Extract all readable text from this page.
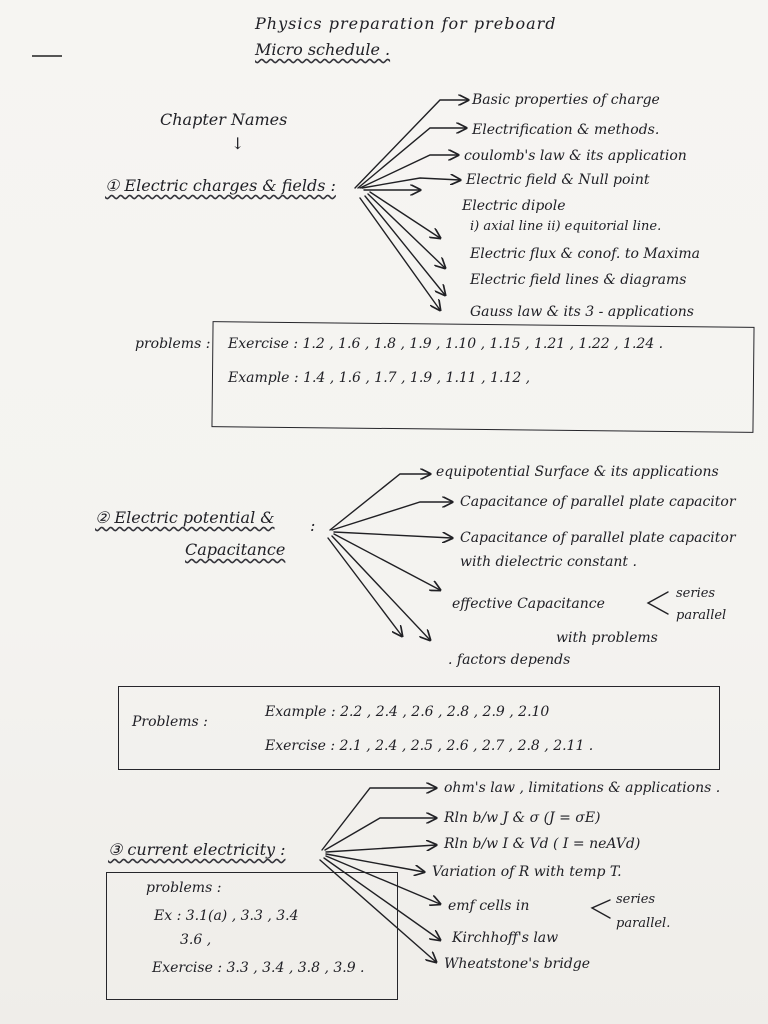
Physics preparation for preboard
Micro schedule .
Chapter Names
↓
① Electric charges & fields :
Basic properties of charge
Electrification & methods.
coulomb's law & its application
Electric field & Null point
Electric dipole
i) axial line ii) equitorial line.
Electric flux & conof. to Maxima
Electric field lines & diagrams
Gauss law & its 3 - applications
problems : Exercise : 1.2 , 1.6 , 1.8 , 1.9 , 1.10 , 1.15 , 1.21 , 1.22 , 1.24 .
Example : 1.4 , 1.6 , 1.7 , 1.9 , 1.11 , 1.12 ,
② Electric potential &
Capacitance
:
equipotential Surface & its applications
Capacitance of parallel plate capacitor
Capacitance of parallel plate capacitor
with dielectric constant .
effective Capacitance
series
parallel
with problems
. factors depends
Problems :
Example : 2.2 , 2.4 , 2.6 , 2.8 , 2.9 , 2.10
Exercise : 2.1 , 2.4 , 2.5 , 2.6 , 2.7 , 2.8 , 2.11 .
③ current electricity :
ohm's law , limitations & applications .
Rln b/w J & σ (J = σE)
Rln b/w I & Vd ( I = neAVd)
Variation of R with temp T.
emf cells in	series
parallel.
Kirchhoff's law
Wheatstone's bridge
problems :
Ex : 3.1(a) , 3.3 , 3.4
3.6 ,
Exercise : 3.3 , 3.4 , 3.8 , 3.9 .
